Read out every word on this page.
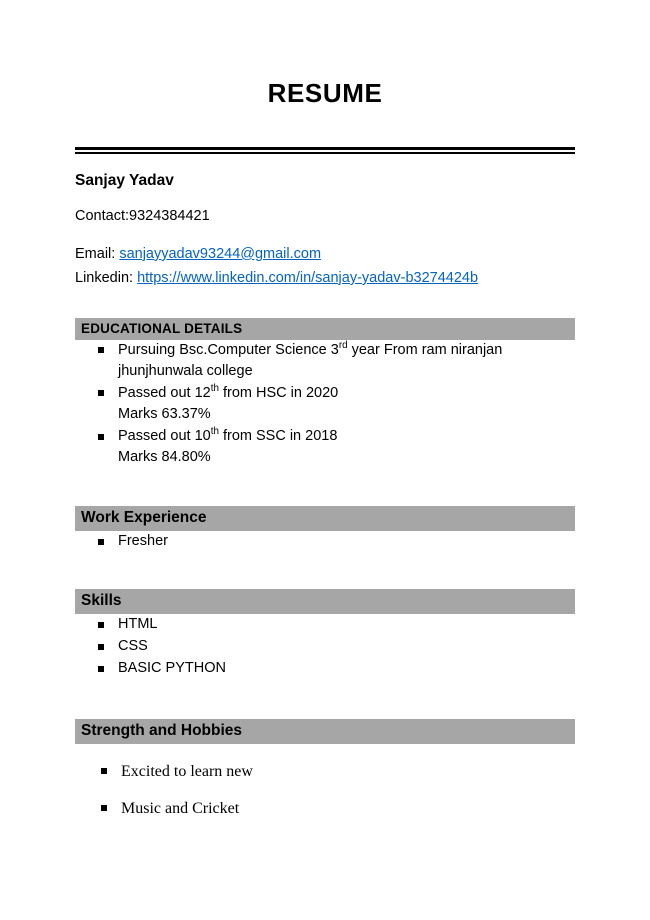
RESUME

Sanjay Yadav

Contact:9324384421

Email: sanjayyadav93244@gmail.com

Linkedin: https://www.linkedin.com/in/sanjay-yadav-b3274424b

EDUCATIONAL DETAILS
Pursuing Bsc.Computer Science 3rd year From ram niranjan jhunjhunwala college
Passed out 12th from HSC in 2020
Marks 63.37%
Passed out 10th from SSC in 2018
Marks 84.80%
Work Experience
Fresher
Skills
HTML
CSS
BASIC PYTHON
Strength and Hobbies
Excited to learn new
Music and Cricket
